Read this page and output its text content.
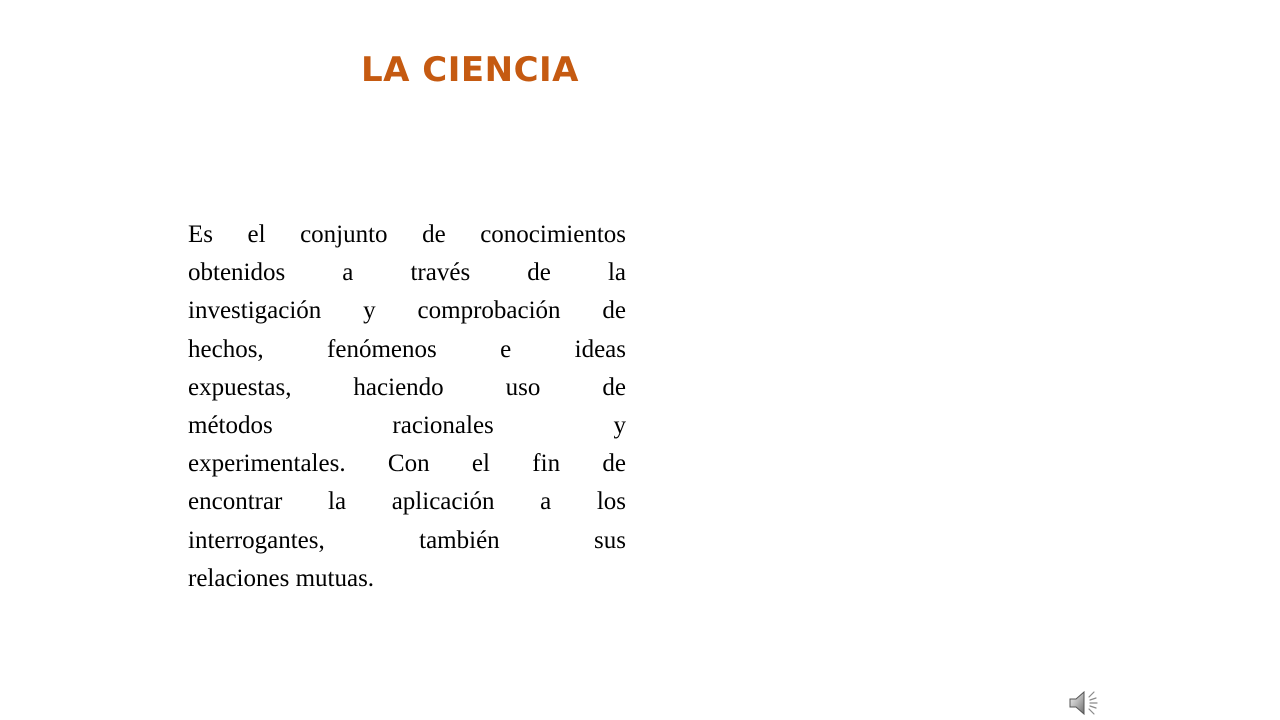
LA CIENCIA
Es el conjunto de conocimientos
obtenidos a través de la
investigación y comprobación de
hechos, fenómenos e ideas
expuestas, haciendo uso de
métodos racionales y
experimentales. Con el fin de
encontrar la aplicación a los
interrogantes, también sus
relaciones mutuas.
